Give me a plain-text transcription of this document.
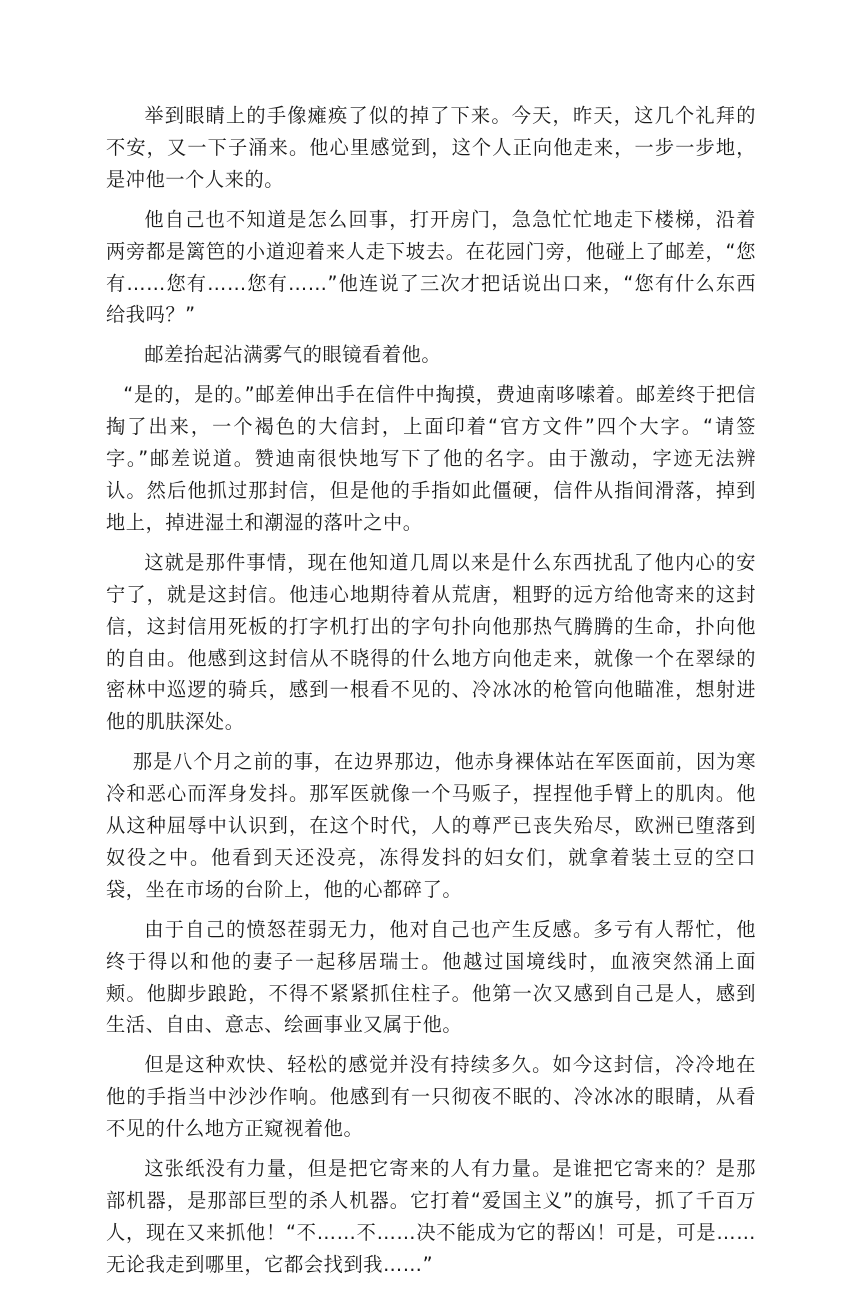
举到眼睛上的手像瘫痪了似的掉了下来。今天，昨天，这几个礼拜的不安，又一下子涌来。他心里感觉到，这个人正向他走来，一步一步地，是冲他一个人来的。

他自己也不知道是怎么回事，打开房门，急急忙忙地走下楼梯，沿着两旁都是篱笆的小道迎着来人走下坡去。在花园门旁，他碰上了邮差，“您有……您有……您有……”他连说了三次才把话说出口来，“您有什么东西给我吗？”

邮差抬起沾满雾气的眼镜看着他。

“是的，是的。”邮差伸出手在信件中掏摸，费迪南哆嗦着。邮差终于把信掏了出来，一个褐色的大信封，上面印着“官方文件”四个大字。“请签字。”邮差说道。赞迪南很快地写下了他的名字。由于激动，字迹无法辨认。然后他抓过那封信，但是他的手指如此僵硬，信件从指间滑落，掉到地上，掉进湿土和潮湿的落叶之中。

这就是那件事情，现在他知道几周以来是什么东西扰乱了他内心的安宁了，就是这封信。他违心地期待着从荒唐，粗野的远方给他寄来的这封信，这封信用死板的打字机打出的字句扑向他那热气腾腾的生命，扑向他的自由。他感到这封信从不晓得的什么地方向他走来，就像一个在翠绿的密林中巡逻的骑兵，感到一根看不见的、冷冰冰的枪管向他瞄准，想射进他的肌肤深处。

那是八个月之前的事，在边界那边，他赤身裸体站在军医面前，因为寒冷和恶心而浑身发抖。那军医就像一个马贩子，捏捏他手臂上的肌肉。他从这种屈辱中认识到，在这个时代，人的尊严已丧失殆尽，欧洲已堕落到奴役之中。他看到天还没亮，冻得发抖的妇女们，就拿着装土豆的空口袋，坐在市场的台阶上，他的心都碎了。

由于自己的愤怒茬弱无力，他对自己也产生反感。多亏有人帮忙，他终于得以和他的妻子一起移居瑞士。他越过国境线时，血液突然涌上面颊。他脚步踉跄，不得不紧紧抓住柱子。他第一次又感到自己是人，感到生活、自由、意志、绘画事业又属于他。

但是这种欢快、轻松的感觉并没有持续多久。如今这封信，冷冷地在他的手指当中沙沙作响。他感到有一只彻夜不眠的、冷冰冰的眼睛，从看不见的什么地方正窥视着他。

这张纸没有力量，但是把它寄来的人有力量。是谁把它寄来的？是那部机器，是那部巨型的杀人机器。它打着“爱国主义”的旗号，抓了千百万人，现在又来抓他！“不……不……决不能成为它的帮凶！可是，可是……无论我走到哪里，它都会找到我……”
